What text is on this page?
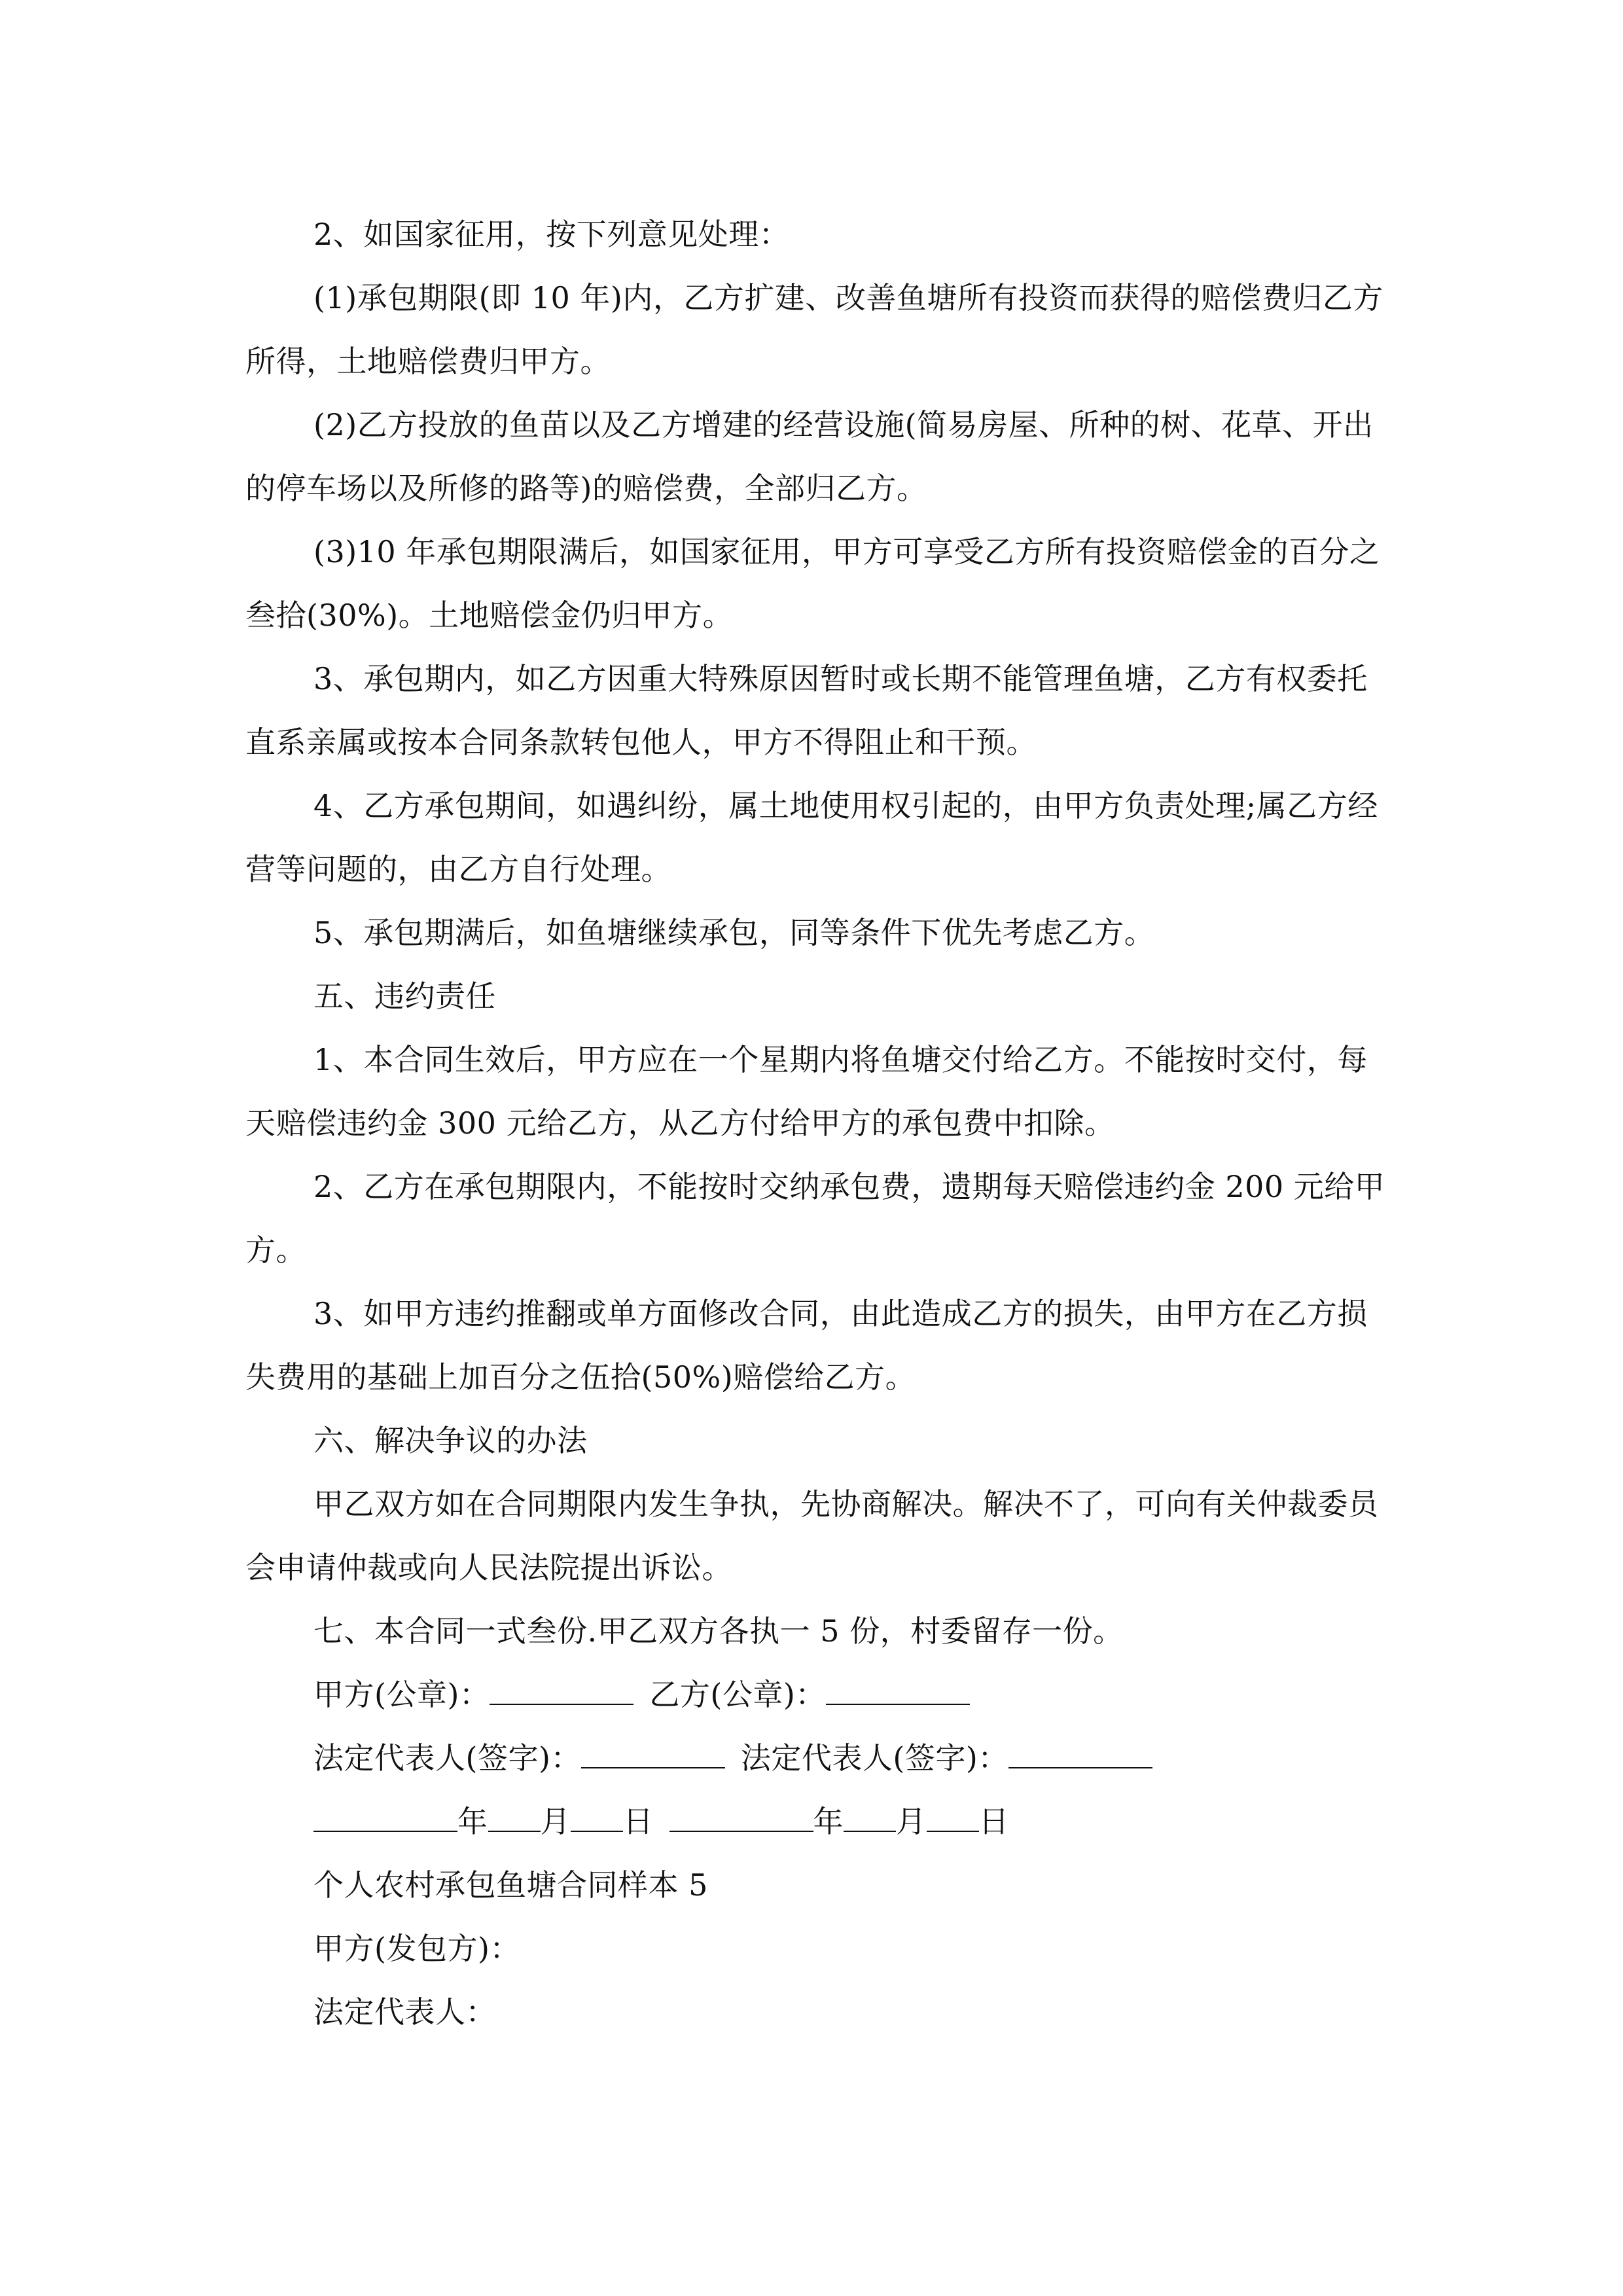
2、如国家征用，按下列意见处理：

(1)承包期限(即 10 年)内，乙方扩建、改善鱼塘所有投资而获得的赔偿费归乙方所得，土地赔偿费归甲方。

(2)乙方投放的鱼苗以及乙方增建的经营设施(简易房屋、所种的树、花草、开出的停车场以及所修的路等)的赔偿费，全部归乙方。

(3)10 年承包期限满后，如国家征用，甲方可享受乙方所有投资赔偿金的百分之叁拾(30%)。土地赔偿金仍归甲方。

3、承包期内，如乙方因重大特殊原因暂时或长期不能管理鱼塘，乙方有权委托直系亲属或按本合同条款转包他人，甲方不得阻止和干预。

4、乙方承包期间，如遇纠纷，属土地使用权引起的，由甲方负责处理;属乙方经营等问题的，由乙方自行处理。

5、承包期满后，如鱼塘继续承包，同等条件下优先考虑乙方。

五、违约责任

1、本合同生效后，甲方应在一个星期内将鱼塘交付给乙方。不能按时交付，每天赔偿违约金 300 元给乙方，从乙方付给甲方的承包费中扣除。

2、乙方在承包期限内，不能按时交纳承包费，遗期每天赔偿违约金 200 元给甲方。

3、如甲方违约推翻或单方面修改合同，由此造成乙方的损失，由甲方在乙方损失费用的基础上加百分之伍拾(50%)赔偿给乙方。

六、解决争议的办法

甲乙双方如在合同期限内发生争执，先协商解决。解决不了，可向有关仲裁委员会申请仲裁或向人民法院提出诉讼。

七、本合同一式叁份.甲乙双方各执一 5 份，村委留存一份。

甲方(公章)：	乙方(公章)：

法定代表人(签字)：	法定代表人(签字)：

年 月 日	年 月 日

个人农村承包鱼塘合同样本 5

甲方(发包方)：

法定代表人：
